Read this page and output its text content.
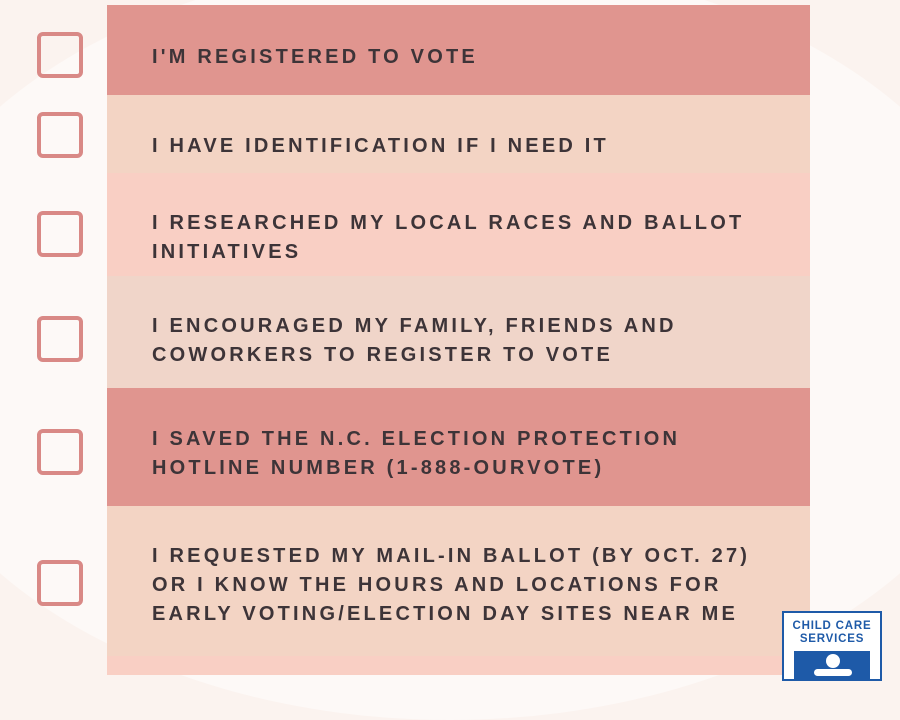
I'M REGISTERED TO VOTE
I HAVE IDENTIFICATION IF I NEED IT
I RESEARCHED MY LOCAL RACES AND BALLOT
INITIATIVES
I ENCOURAGED MY FAMILY, FRIENDS AND
COWORKERS TO REGISTER TO VOTE
I SAVED THE N.C. ELECTION PROTECTION
HOTLINE NUMBER (1-888-OURVOTE)
I REQUESTED MY MAIL-IN BALLOT (BY OCT. 27)
OR I KNOW THE HOURS AND LOCATIONS FOR
EARLY VOTING/ELECTION DAY SITES NEAR ME
CHILD CARE
SERVICES
